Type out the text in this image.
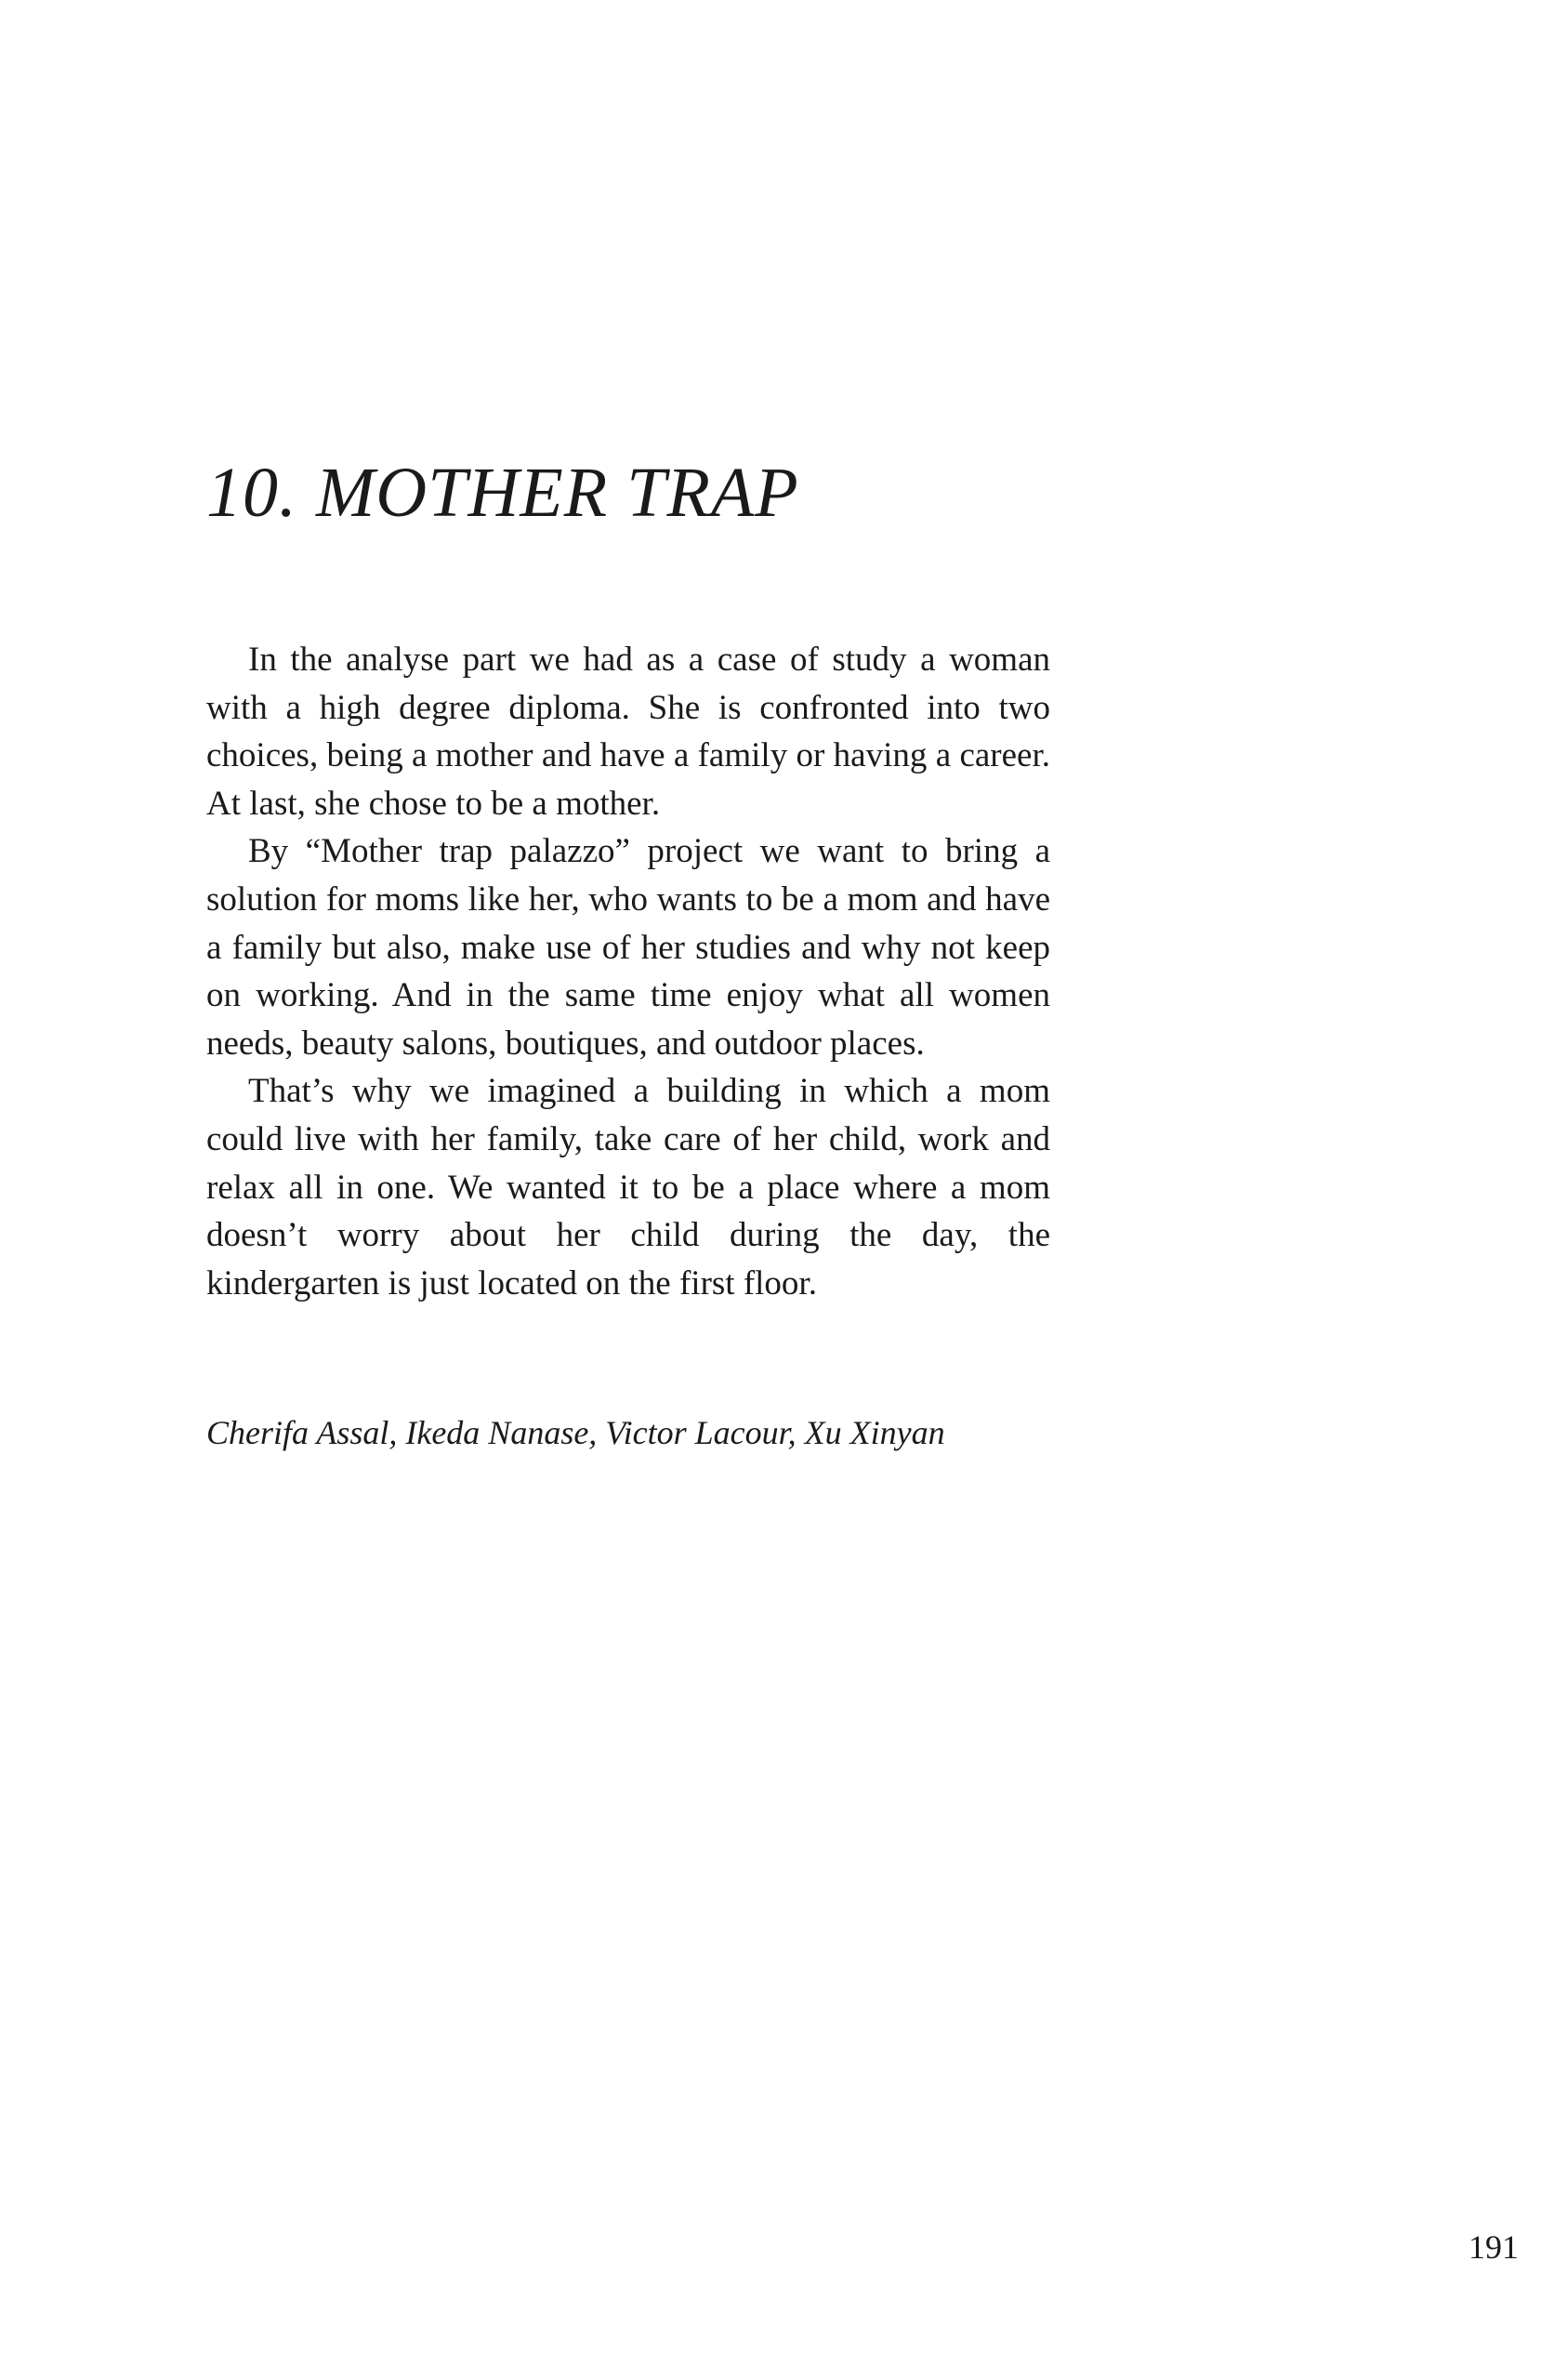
10. MOTHER TRAP

In the analyse part we had as a case of study a woman with a high degree diploma. She is confronted into two choices, being a mother and have a family or having a career. At last, she chose to be a mother.

By “Mother trap palazzo” project we want to bring a solution for moms like her, who wants to be a mom and have a family but also, make use of her studies and why not keep on working. And in the same time enjoy what all women needs, beauty salons, boutiques, and outdoor places.

That’s why we imagined a building in which a mom could live with her family, take care of her child, work and relax all in one. We wanted it to be a place where a mom doesn’t worry about her child during the day, the kindergarten is just located on the first floor.

Cherifa Assal, Ikeda Nanase, Victor Lacour, Xu Xinyan

191
